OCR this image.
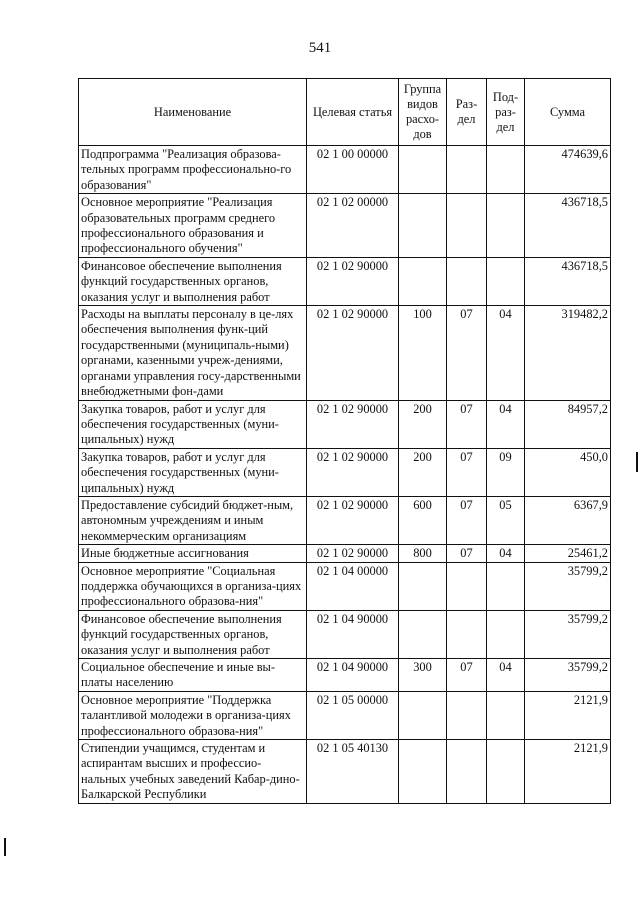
541
Наименование	Целевая статья	Группа видов расхо-дов	Раз-дел	Под-раз-дел	Сумма
Подпрограмма "Реализация образова-тельных программ профессионально-го образования"	02 1 00 00000				474639,6
Основное мероприятие "Реализация образовательных программ среднего профессионального образования и профессионального обучения"	02 1 02 00000				436718,5
Финансовое обеспечение выполнения функций государственных органов, оказания услуг и выполнения работ	02 1 02 90000				436718,5
Расходы на выплаты персоналу в це-лях обеспечения выполнения функ-ций государственными (муниципаль-ными) органами, казенными учреж-дениями, органами управления госу-дарственными внебюджетными фон-дами	02 1 02 90000	100	07	04	319482,2
Закупка товаров, работ и услуг для обеспечения государственных (муни-ципальных) нужд	02 1 02 90000	200	07	04	84957,2
Закупка товаров, работ и услуг для обеспечения государственных (муни-ципальных) нужд	02 1 02 90000	200	07	09	450,0
Предоставление субсидий бюджет-ным, автономным учреждениям и иным некоммерческим организациям	02 1 02 90000	600	07	05	6367,9
Иные бюджетные ассигнования	02 1 02 90000	800	07	04	25461,2
Основное мероприятие "Социальная поддержка обучающихся в организа-циях профессионального образова-ния"	02 1 04 00000				35799,2
Финансовое обеспечение выполнения функций государственных органов, оказания услуг и выполнения работ	02 1 04 90000				35799,2
Социальное обеспечение и иные вы-платы населению	02 1 04 90000	300	07	04	35799,2
Основное мероприятие "Поддержка талантливой молодежи в организа-циях профессионального образова-ния"	02 1 05 00000				2121,9
Стипендии учащимся, студентам и аспирантам высших и профессио-нальных учебных заведений Кабар-дино-Балкарской Республики	02 1 05 40130				2121,9
